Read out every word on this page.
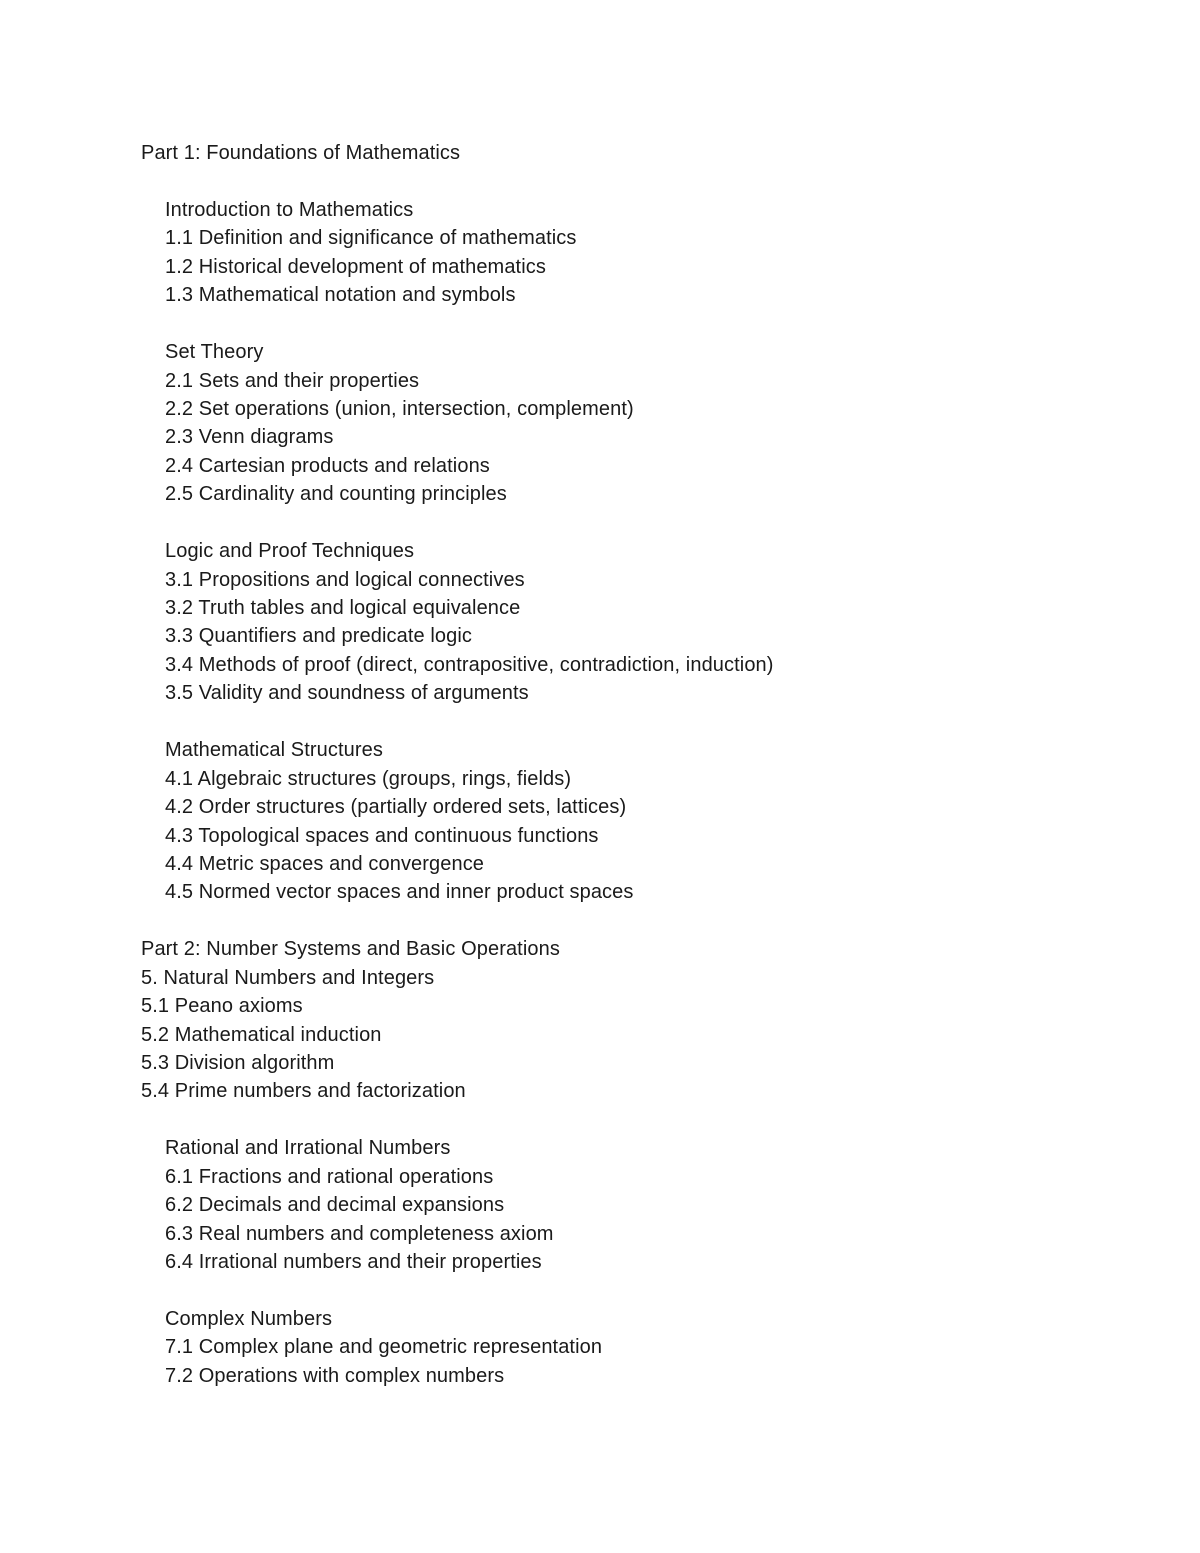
Part 1: Foundations of Mathematics
Introduction to Mathematics
1.1 Definition and significance of mathematics
1.2 Historical development of mathematics
1.3 Mathematical notation and symbols
Set Theory
2.1 Sets and their properties
2.2 Set operations (union, intersection, complement)
2.3 Venn diagrams
2.4 Cartesian products and relations
2.5 Cardinality and counting principles
Logic and Proof Techniques
3.1 Propositions and logical connectives
3.2 Truth tables and logical equivalence
3.3 Quantifiers and predicate logic
3.4 Methods of proof (direct, contrapositive, contradiction, induction)
3.5 Validity and soundness of arguments
Mathematical Structures
4.1 Algebraic structures (groups, rings, fields)
4.2 Order structures (partially ordered sets, lattices)
4.3 Topological spaces and continuous functions
4.4 Metric spaces and convergence
4.5 Normed vector spaces and inner product spaces
Part 2: Number Systems and Basic Operations
5. Natural Numbers and Integers
5.1 Peano axioms
5.2 Mathematical induction
5.3 Division algorithm
5.4 Prime numbers and factorization
Rational and Irrational Numbers
6.1 Fractions and rational operations
6.2 Decimals and decimal expansions
6.3 Real numbers and completeness axiom
6.4 Irrational numbers and their properties
Complex Numbers
7.1 Complex plane and geometric representation
7.2 Operations with complex numbers
